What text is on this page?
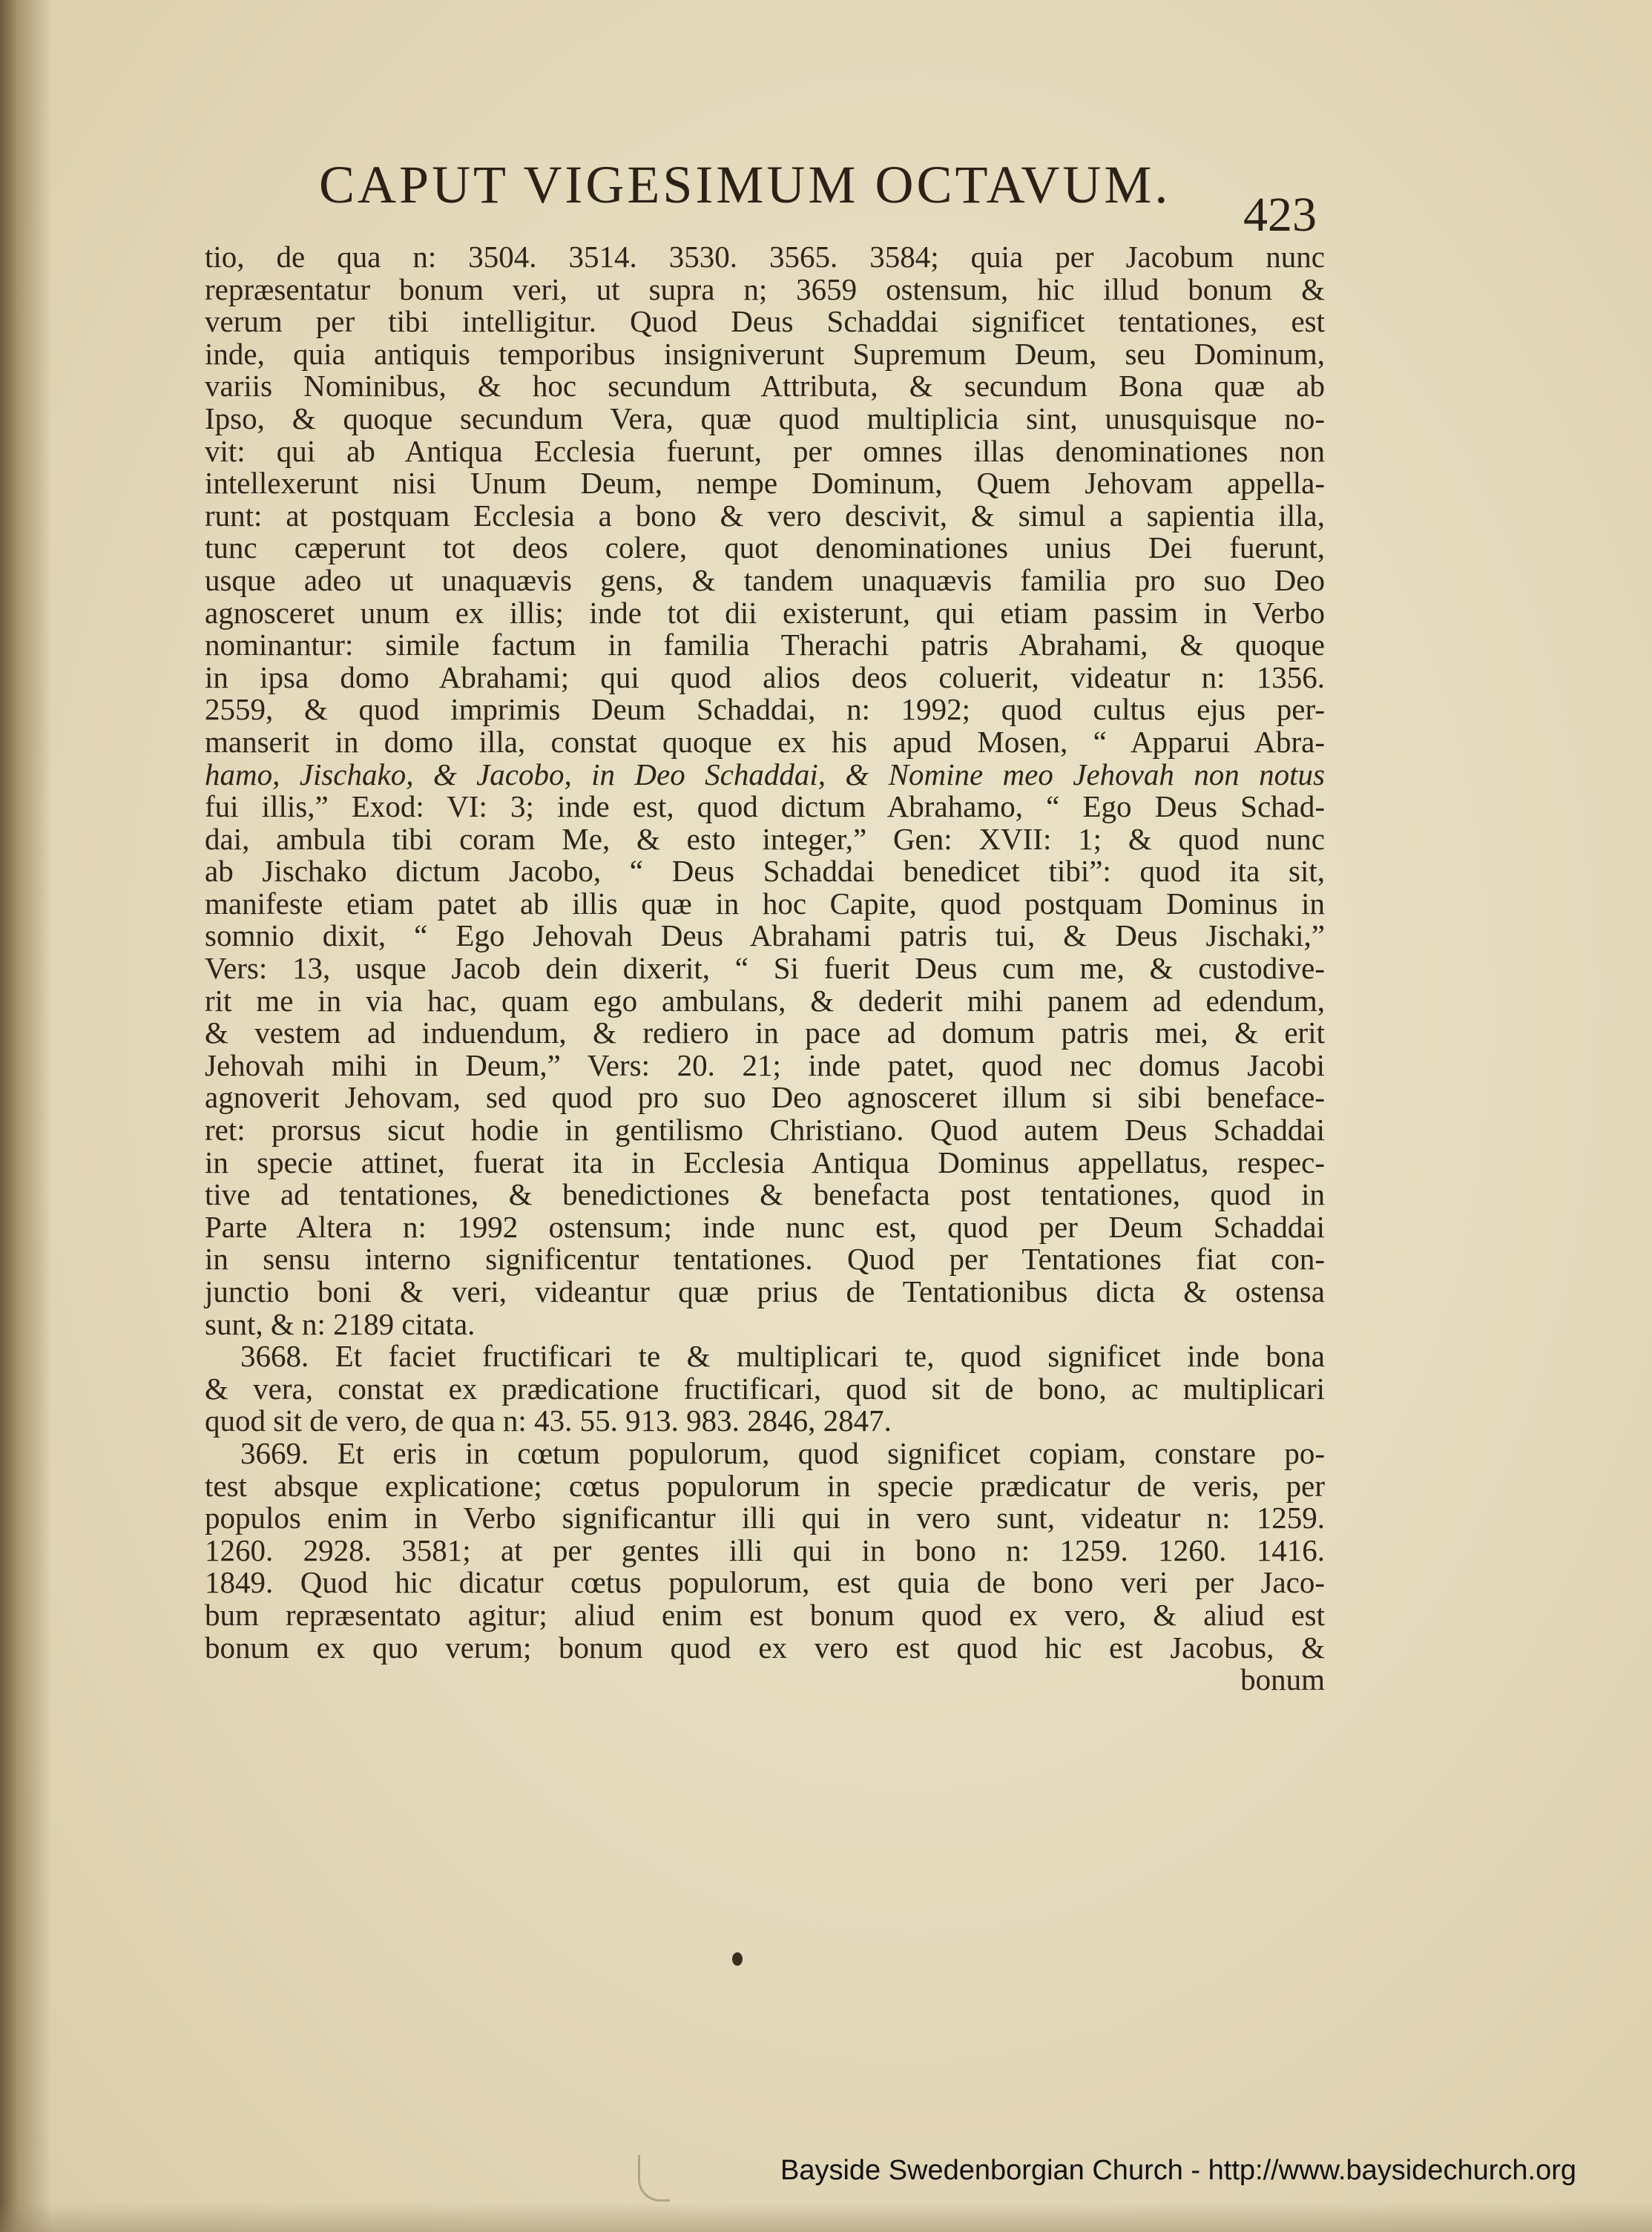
CAPUT VIGESIMUM OCTAVUM.
423
tio, de qua n: 3504. 3514. 3530. 3565. 3584; quia per Jacobum nunc
repræsentatur bonum veri, ut supra n; 3659 ostensum, hic illud bonum &
verum per tibi intelligitur. Quod Deus Schaddai significet tentationes, est
inde, quia antiquis temporibus insigniverunt Supremum Deum, seu Dominum,
variis Nominibus, & hoc secundum Attributa, & secundum Bona quæ ab
Ipso, & quoque secundum Vera, quæ quod multiplicia sint, unusquisque no-
vit: qui ab Antiqua Ecclesia fuerunt, per omnes illas denominationes non
intellexerunt nisi Unum Deum, nempe Dominum, Quem Jehovam appella-
runt: at postquam Ecclesia a bono & vero descivit, & simul a sapientia illa,
tunc cæperunt tot deos colere, quot denominationes unius Dei fuerunt,
usque adeo ut unaquævis gens, & tandem unaquævis familia pro suo Deo
agnosceret unum ex illis; inde tot dii existerunt, qui etiam passim in Verbo
nominantur: simile factum in familia Therachi patris Abrahami, & quoque
in ipsa domo Abrahami; qui quod alios deos coluerit, videatur n: 1356.
2559, & quod imprimis Deum Schaddai, n: 1992; quod cultus ejus per-
manserit in domo illa, constat quoque ex his apud Mosen, “ Apparui Abra-
hamo, Jischako, & Jacobo, in Deo Schaddai, & Nomine meo Jehovah non notus
fui illis,” Exod: VI: 3; inde est, quod dictum Abrahamo, “ Ego Deus Schad-
dai, ambula tibi coram Me, & esto integer,” Gen: XVII: 1; & quod nunc
ab Jischako dictum Jacobo, “ Deus Schaddai benedicet tibi”: quod ita sit,
manifeste etiam patet ab illis quæ in hoc Capite, quod postquam Dominus in
somnio dixit, “ Ego Jehovah Deus Abrahami patris tui, & Deus Jischaki,”
Vers: 13, usque Jacob dein dixerit, “ Si fuerit Deus cum me, & custodive-
rit me in via hac, quam ego ambulans, & dederit mihi panem ad edendum,
& vestem ad induendum, & rediero in pace ad domum patris mei, & erit
Jehovah mihi in Deum,” Vers: 20. 21; inde patet, quod nec domus Jacobi
agnoverit Jehovam, sed quod pro suo Deo agnosceret illum si sibi beneface-
ret: prorsus sicut hodie in gentilismo Christiano. Quod autem Deus Schaddai
in specie attinet, fuerat ita in Ecclesia Antiqua Dominus appellatus, respec-
tive ad tentationes, & benedictiones & benefacta post tentationes, quod in
Parte Altera n: 1992 ostensum; inde nunc est, quod per Deum Schaddai
in sensu interno significentur tentationes. Quod per Tentationes fiat con-
junctio boni & veri, videantur quæ prius de Tentationibus dicta & ostensa
sunt, & n: 2189 citata.
3668. Et faciet fructificari te & multiplicari te, quod significet inde bona
& vera, constat ex prædicatione fructificari, quod sit de bono, ac multiplicari
quod sit de vero, de qua n: 43. 55. 913. 983. 2846, 2847.
3669. Et eris in cœtum populorum, quod significet copiam, constare po-
test absque explicatione; cœtus populorum in specie prædicatur de veris, per
populos enim in Verbo significantur illi qui in vero sunt, videatur n: 1259.
1260. 2928. 3581; at per gentes illi qui in bono n: 1259. 1260. 1416.
1849. Quod hic dicatur cœtus populorum, est quia de bono veri per Jaco-
bum repræsentato agitur; aliud enim est bonum quod ex vero, & aliud est
bonum ex quo verum; bonum quod ex vero est quod hic est Jacobus, &
bonum
Bayside Swedenborgian Church - http://www.baysidechurch.org
